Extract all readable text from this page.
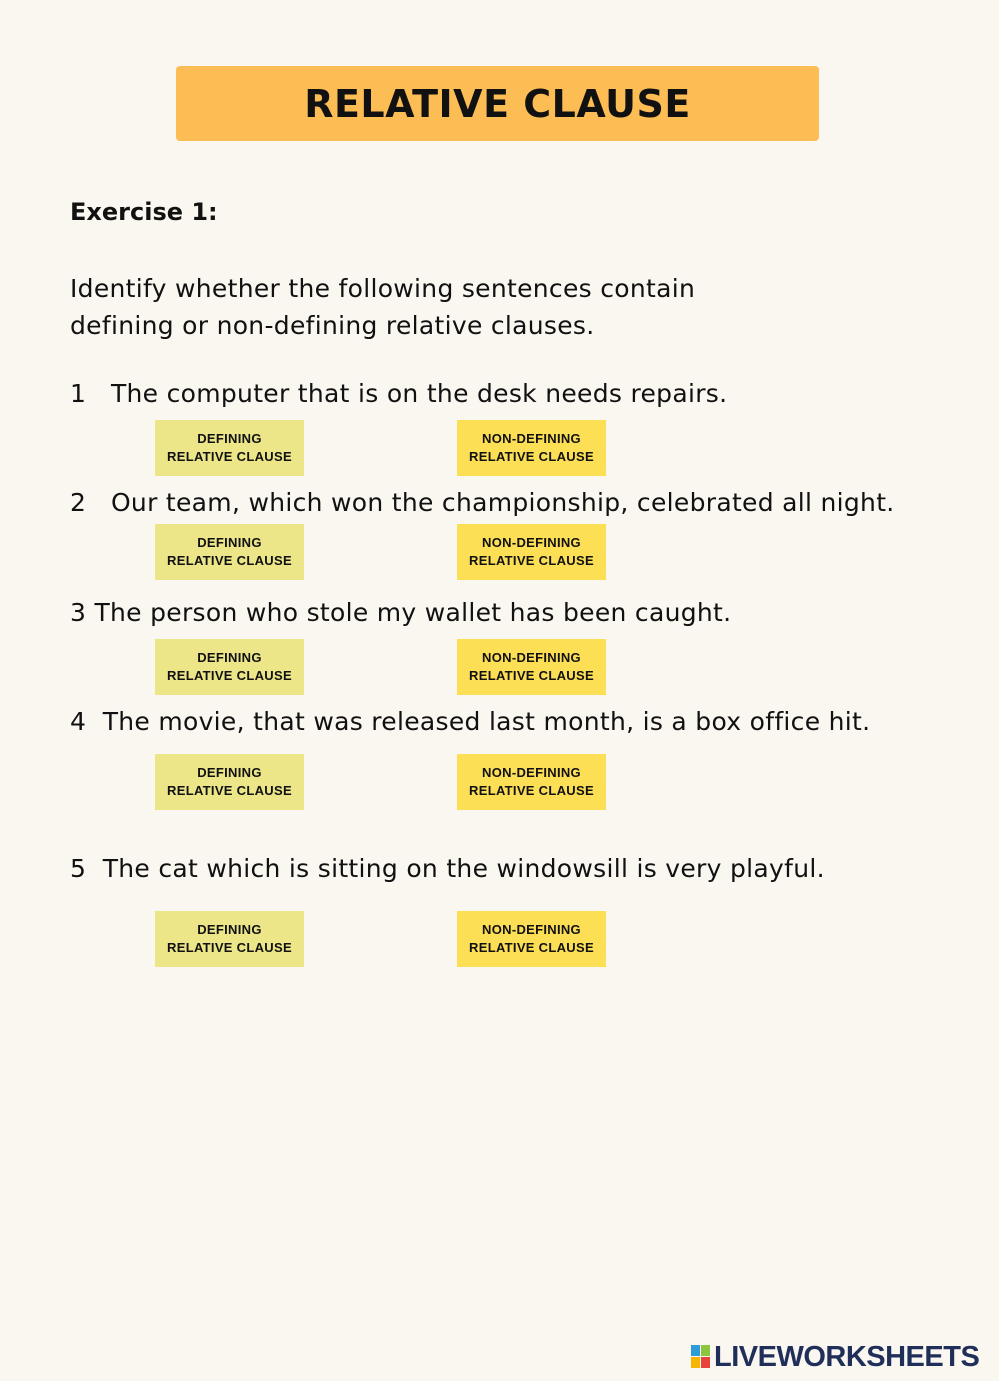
RELATIVE CLAUSE
Exercise 1:
Identify whether the following sentences contain
defining or non-defining relative clauses.
1   The computer that is on the desk needs repairs.
DEFINING
RELATIVE CLAUSE
NON-DEFINING
RELATIVE CLAUSE
2   Our team, which won the championship, celebrated all night.
DEFINING
RELATIVE CLAUSE
NON-DEFINING
RELATIVE CLAUSE
3 The person who stole my wallet has been caught.
DEFINING
RELATIVE CLAUSE
NON-DEFINING
RELATIVE CLAUSE
4  The movie, that was released last month, is a box office hit.
DEFINING
RELATIVE CLAUSE
NON-DEFINING
RELATIVE CLAUSE
5  The cat which is sitting on the windowsill is very playful.
DEFINING
RELATIVE CLAUSE
NON-DEFINING
RELATIVE CLAUSE
LIVEWORKSHEETS
